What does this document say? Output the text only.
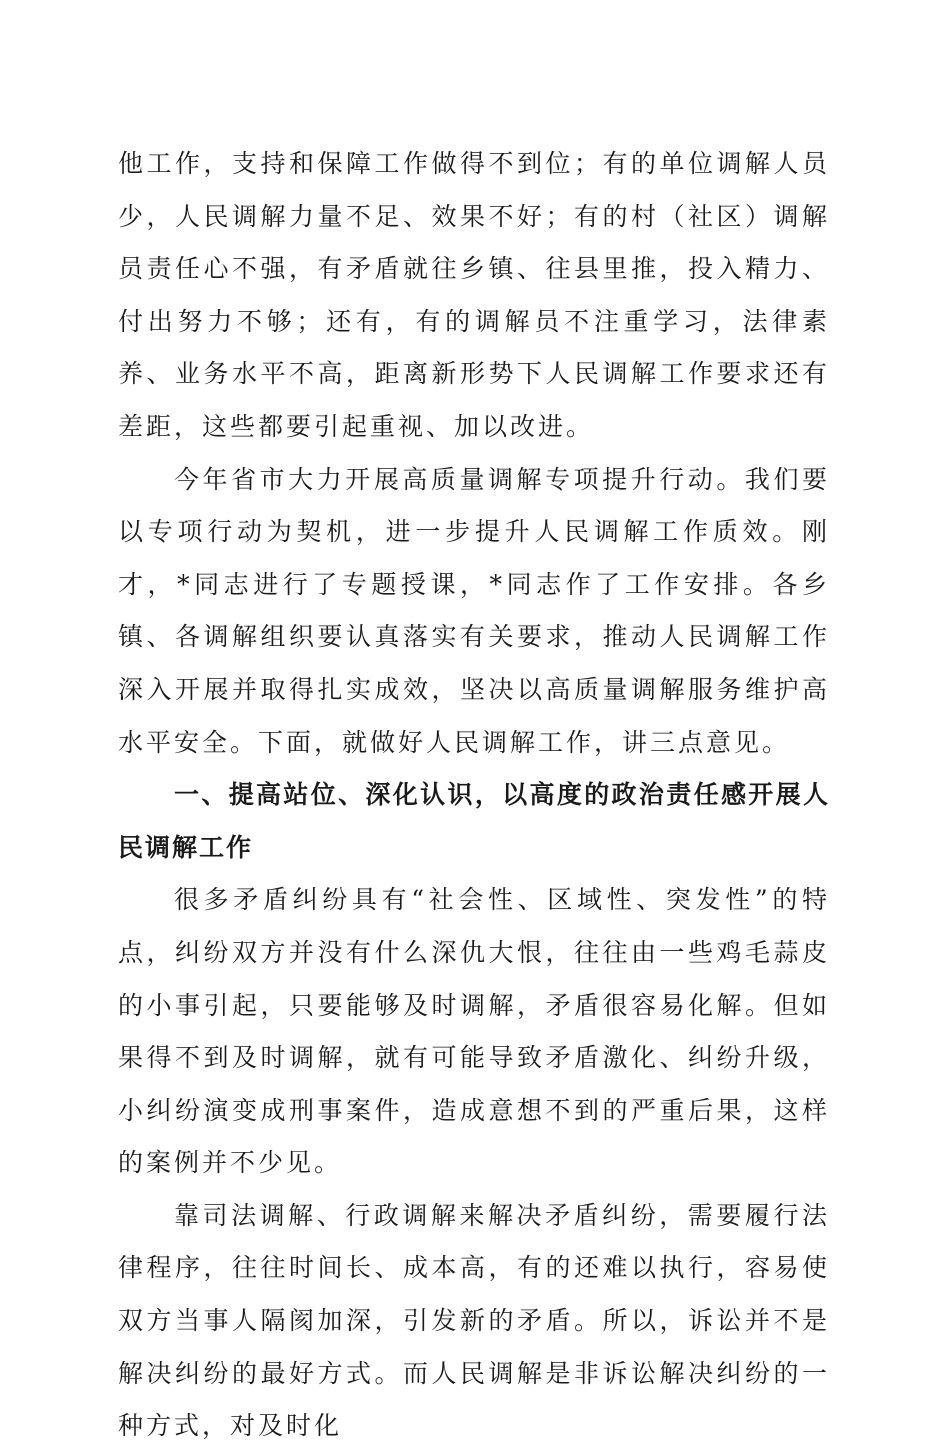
他工作，支持和保障工作做得不到位；有的单位调解人员少，人民调解力量不足、效果不好；有的村（社区）调解员责任心不强，有矛盾就往乡镇、往县里推，投入精力、付出努力不够；还有，有的调解员不注重学习，法律素养、业务水平不高，距离新形势下人民调解工作要求还有差距，这些都要引起重视、加以改进。

今年省市大力开展高质量调解专项提升行动。我们要以专项行动为契机，进一步提升人民调解工作质效。刚才，*同志进行了专题授课，*同志作了工作安排。各乡镇、各调解组织要认真落实有关要求，推动人民调解工作深入开展并取得扎实成效，坚决以高质量调解服务维护高水平安全。下面，就做好人民调解工作，讲三点意见。

一、提高站位、深化认识，以高度的政治责任感开展人民调解工作

很多矛盾纠纷具有“社会性、区域性、突发性”的特点，纠纷双方并没有什么深仇大恨，往往由一些鸡毛蒜皮的小事引起，只要能够及时调解，矛盾很容易化解。但如果得不到及时调解，就有可能导致矛盾激化、纠纷升级，小纠纷演变成刑事案件，造成意想不到的严重后果，这样的案例并不少见。

靠司法调解、行政调解来解决矛盾纠纷，需要履行法律程序，往往时间长、成本高，有的还难以执行，容易使双方当事人隔阂加深，引发新的矛盾。所以，诉讼并不是解决纠纷的最好方式。而人民调解是非诉讼解决纠纷的一种方式，对及时化
